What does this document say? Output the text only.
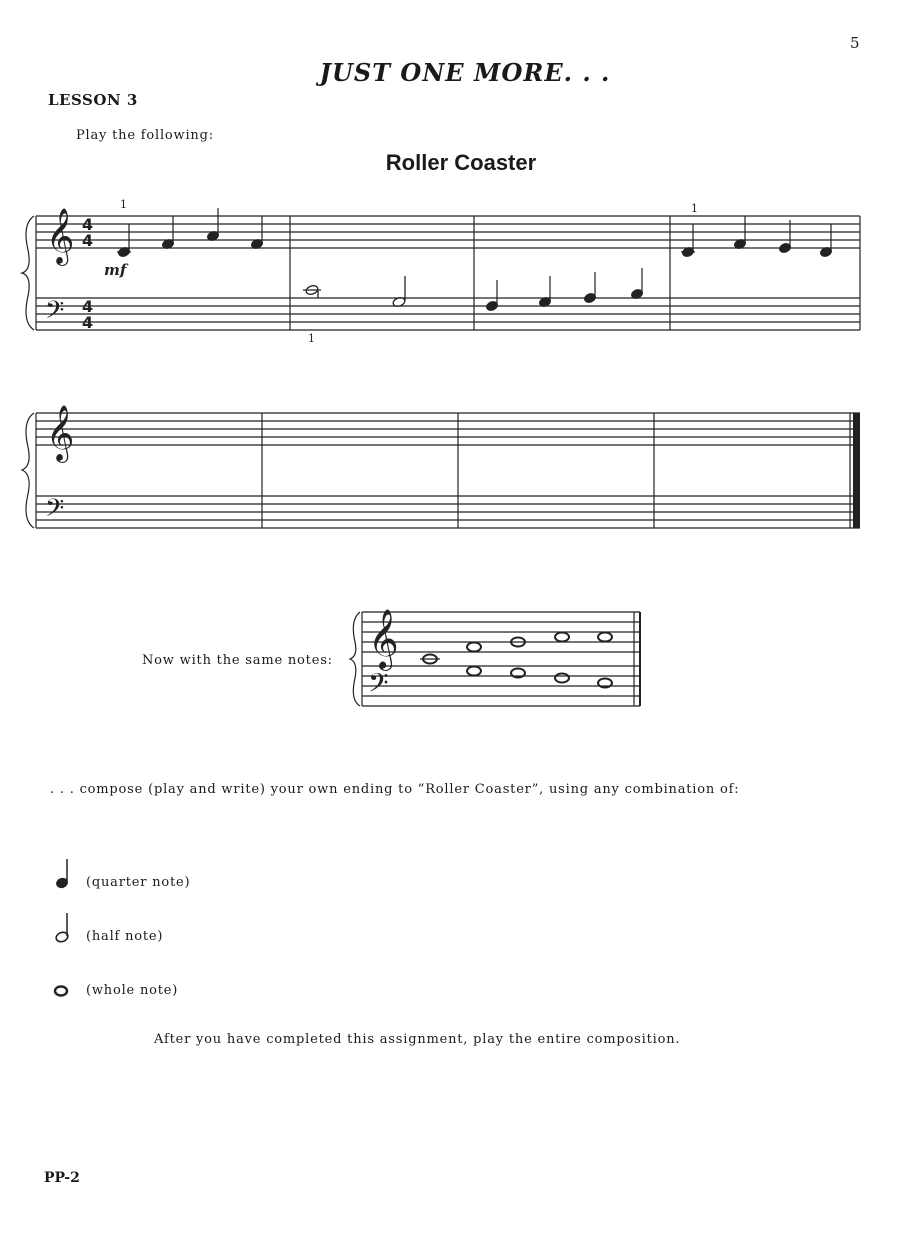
5
JUST ONE MORE. . .
LESSON 3
Play the following:
Roller Coaster
𝄞
𝄢
4
4
4
4
𝄞
𝄢
𝄞
𝄢
1
1
1
mf
Now with the same notes:
. . . compose (play and write) your own ending to “Roller Coaster”, using any combination of:
(quarter note)
(half note)
(whole note)
After you have completed this assignment, play the entire composition.
PP-2
